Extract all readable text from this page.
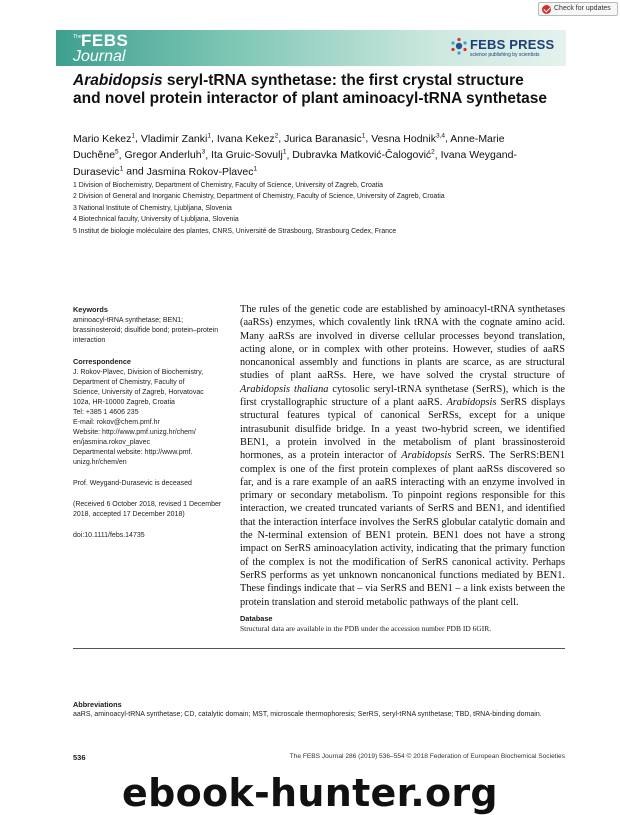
Check for updates
The FEBS
Journal
FEBS PRESS
science publishing by scientists
Arabidopsis seryl-tRNA synthetase: the first crystal structure and novel protein interactor of plant aminoacyl-tRNA synthetase
Mario Kekez$^1$, Vladimir Zanki$^1$, Ivana Kekez$^2$, Jurica Baranasic$^1$, Vesna Hodnik$^{3,4}$, Anne-Marie Duchêne$^5$, Gregor Anderluh$^3$, Ita Gruic-Sovulj$^1$, Dubravka Matković-Čalogović$^2$, Ivana Weygand-Durasevic$^1$ and Jasmina Rokov-Plavec$^1$
1 Division of Biochemistry, Department of Chemistry, Faculty of Science, University of Zagreb, Croatia
2 Division of General and Inorganic Chemistry, Department of Chemistry, Faculty of Science, University of Zagreb, Croatia
3 National Institute of Chemistry, Ljubljana, Slovenia
4 Biotechnical faculty, University of Ljubljana, Slovenia
5 Institut de biologie moléculaire des plantes, CNRS, Université de Strasbourg, Strasbourg Cedex, France
Keywords
aminoacyl-tRNA synthetase; BEN1; brassinosteroid; disulfide bond; protein–protein interaction
Correspondence
J. Rokov-Plavec, Division of Biochemistry,
Department of Chemistry, Faculty of
Science, University of Zagreb, Horvatovac
102a, HR-10000 Zagreb, Croatia
Tel: +385 1 4606 235
E-mail: rokov@chem.pmf.hr
Website: http://www.pmf.unizg.hr/chem/
en/jasmina.rokov_plavec
Departmental website: http://www.pmf.
unizg.hr/chem/en
Prof. Weygand-Durasevic is deceased
(Received 6 October 2018, revised 1 December 2018, accepted 17 December 2018)
doi:10.1111/febs.14735

The rules of the genetic code are established by aminoacyl-tRNA synthetases (aaRSs) enzymes, which covalently link tRNA with the cognate amino acid. Many aaRSs are involved in diverse cellular processes beyond translation, acting alone, or in complex with other proteins. However, studies of aaRS noncanonical assembly and functions in plants are scarce, as are structural studies of plant aaRSs. Here, we have solved the crystal structure of Arabidopsis thaliana cytosolic seryl-tRNA synthetase (SerRS), which is the first crystallographic structure of a plant aaRS. Arabidopsis SerRS displays structural features typical of canonical SerRSs, except for a unique intrasubunit disulfide bridge. In a yeast two-hybrid screen, we identified BEN1, a protein involved in the metabolism of plant brassinosteroid hormones, as a protein interactor of Arabidopsis SerRS. The SerRS:BEN1 complex is one of the first protein complexes of plant aaRSs discovered so far, and is a rare example of an aaRS interacting with an enzyme involved in primary or secondary metabolism. To pinpoint regions responsible for this interaction, we created truncated variants of SerRS and BEN1, and identified that the interaction interface involves the SerRS globular catalytic domain and the N-terminal extension of BEN1 protein. BEN1 does not have a strong impact on SerRS aminoacylation activity, indicating that the primary function of the complex is not the modification of SerRS canonical activity. Perhaps SerRS performs as yet unknown noncanonical functions mediated by BEN1. These findings indicate that – via SerRS and BEN1 – a link exists between the protein translation and steroid metabolic pathways of the plant cell.

Database
Structural data are available in the PDB under the accession number PDB ID 6GIR.
Abbreviations
aaRS, aminoacyl-tRNA synthetase; CD, catalytic domain; MST, microscale thermophoresis; SerRS, seryl-tRNA synthetase; TBD, tRNA-binding domain.
536	The FEBS Journal 286 (2019) 536–554 © 2018 Federation of European Biochemical Societies
ebook-hunter.org
